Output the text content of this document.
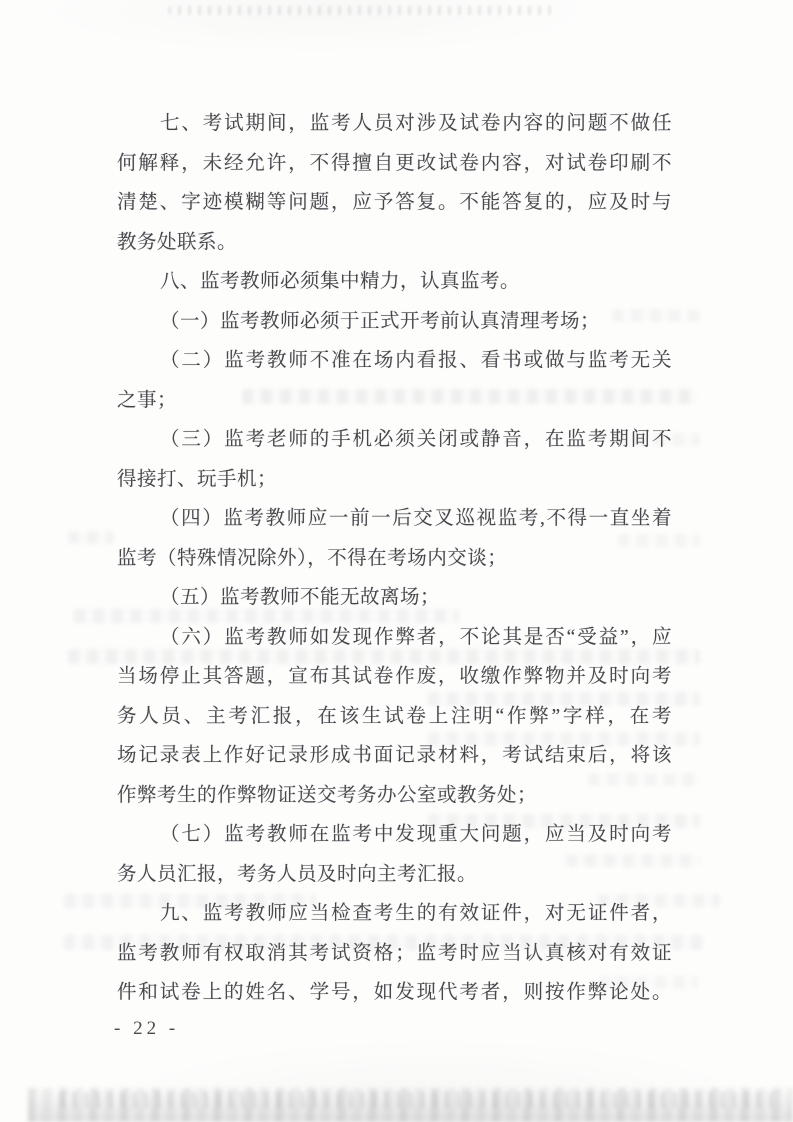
七、考试期间，监考人员对涉及试卷内容的问题不做任
何解释，未经允许，不得擅自更改试卷内容，对试卷印刷不
清楚、字迹模糊等问题，应予答复。不能答复的，应及时与
教务处联系。
八、监考教师必须集中精力，认真监考。
（一）监考教师必须于正式开考前认真清理考场；
（二）监考教师不准在场内看报、看书或做与监考无关
之事；
（三）监考老师的手机必须关闭或静音，在监考期间不
得接打、玩手机；
（四）监考教师应一前一后交叉巡视监考,不得一直坐着
监考（特殊情况除外），不得在考场内交谈；
（五）监考教师不能无故离场；
（六）监考教师如发现作弊者，不论其是否“受益”，应
当场停止其答题，宣布其试卷作废，收缴作弊物并及时向考
务人员、主考汇报，在该生试卷上注明“作弊”字样，在考
场记录表上作好记录形成书面记录材料，考试结束后，将该
作弊考生的作弊物证送交考务办公室或教务处；
（七）监考教师在监考中发现重大问题，应当及时向考
务人员汇报，考务人员及时向主考汇报。
九、监考教师应当检查考生的有效证件，对无证件者，
监考教师有权取消其考试资格；监考时应当认真核对有效证
件和试卷上的姓名、学号，如发现代考者，则按作弊论处。
- 22 -
